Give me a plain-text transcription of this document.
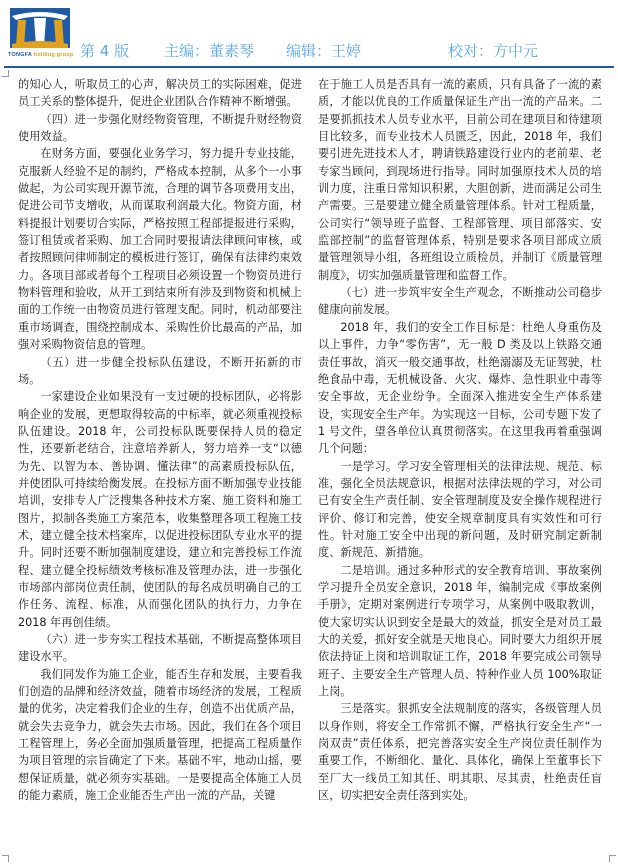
TONGFA holding group 第 4 版 主编：董素琴 编辑：王婷	校对：方中元

的知心人，听取员工的心声，解决员工的实际困难，促进员工关系的整体提升，促进企业团队合作精神不断增强。

（四）进一步强化财经物资管理，不断提升财经物资使用效益。

在财务方面，要强化业务学习，努力提升专业技能，克服新人经验不足的制约，严格成本控制，从多个一小事做起，为公司实现开源节流，合理的调节各项费用支出，促进公司节支增收，从而谋取利润最大化。物资方面，材料提报计划要切合实际，严格按照工程部提报进行采购，签订租赁或者采购、加工合同时要报请法律顾问审核，或者按照顾问律师制定的模板进行签订，确保有法律约束效力。各项目部或者每个工程项目必须设置一个物资员进行物料管理和验收，从开工到结束所有涉及到物资和机械上面的工作统一由物资员进行管理支配。同时，机动部要注重市场调查，围绕控制成本、采购性价比最高的产品，加强对采购物资信息的管理。

（五）进一步健全投标队伍建设，不断开拓新的市场。

一家建设企业如果没有一支过硬的投标团队，必将影响企业的发展，更想取得较高的中标率，就必须重视投标队伍建设。2018 年，公司投标队既要保持人员的稳定性，还要新老结合，注意培养新人，努力培养一支“以德为先、以智为本、善协调、懂法律”的高素质投标队伍，并使团队可持续给衡发展。在投标方面不断加强专业技能培训，安排专人广泛搜集各种技术方案、施工资料和施工图片，拟制各类施工方案范本，收集整理各项工程施工技术，建立健全技术档案库，以促进投标团队专业水平的提升。同时还要不断加强制度建设，建立和完善投标工作流程、建立健全投标绩效考核标准及管理办法，进一步强化市场部内部岗位责任制，使团队的每名成员明确自己的工作任务、流程、标准，从而强化团队的执行力，力争在 2018 年再创佳绩。

（六）进一步夯实工程技术基础，不断提高整体项目建设水平。

我们同发作为施工企业，能否生存和发展，主要看我们创造的品牌和经济效益，随着市场经济的发展，工程质量的优劣，决定着我们企业的生存，创造不出优质产品，就会失去竞争力，就会失去市场。因此，我们在各个项目工程管理上，务必全面加强质量管理，把提高工程质量作为项目管理的宗旨确定了下来。基础不牢，地动山摇，要想保证质量，就必须夯实基础。一是要提高全体施工人员的能力素质，施工企业能否生产出一流的产品，关键

在于施工人员是否具有一流的素质，只有具备了一流的素质，才能以优良的工作质量保证生产出一流的产品来。二是要抓抓技术人员专业水平，目前公司在建项目和待建项目比较多，而专业技术人员匮乏，因此，2018 年，我们要引进先进技术人才，聘请铁路建设行业内的老前辈、老专家当顾问，到现场进行指导。同时加强原技术人员的培训力度，注重日常知识积累，大胆创新，进而满足公司生产需要。三是要建立健全质量管理体系。针对工程质量，公司实行“领导班子监督、工程部管理、项目部落实、安监部控制”的监督管理体系，特别是要求各项目部成立质量管理领导小组，各班组设立质检员，并制订《质量管理制度》，切实加强质量管理和监督工作。

（七）进一步筑牢安全生产观念，不断推动公司稳步健康向前发展。

2018 年，我们的安全工作目标是：杜绝人身重伤及以上事件，力争“零伤害”，无一般 D 类及以上铁路交通责任事故，消灭一般交通事故，杜绝溺溺及无证驾驶，杜绝食品中毒，无机械设备、火灾、爆炸、急性职业中毒等安全事故，无企业纷争。全面深入推进安全生产体系建设，实现安全生产年。为实现这一目标，公司专题下发了 1 号文件，望各单位认真贯彻落实。在这里我再着重强调几个问题：

一是学习。学习安全管理相关的法律法规、规范、标准，强化全员法规意识，根据对法律法规的学习，对公司已有安全生产责任制、安全管理制度及安全操作规程进行评价、修订和完善，使安全规章制度具有实效性和可行性。针对施工安全中出现的新问题，及时研究制定新制度、新规范、新措施。

二是培训。通过多种形式的安全教育培训、事故案例学习提升全员安全意识，2018 年，编制完成《事故案例手册》，定期对案例进行专项学习，从案例中吸取教训，使大家切实认识到安全是最大的效益，抓安全是对员工最大的关爱，抓好安全就是天地良心。同时要大力组织开展依法持证上岗和培训取证工作，2018 年要完成公司领导班子、主要安全生产管理人员、特种作业人员 100%取证上岗。

三是落实。狠抓安全法规制度的落实，各级管理人员以身作则，将安全工作常抓不懈，严格执行安全生产“一岗双责”责任体系，把完善落实安全生产岗位责任制作为重要工作，不断细化、量化、具体化，确保上至董事长下至厂大一线员工知其任、明其职、尽其责，杜绝责任盲区，切实把安全责任落到实处。
